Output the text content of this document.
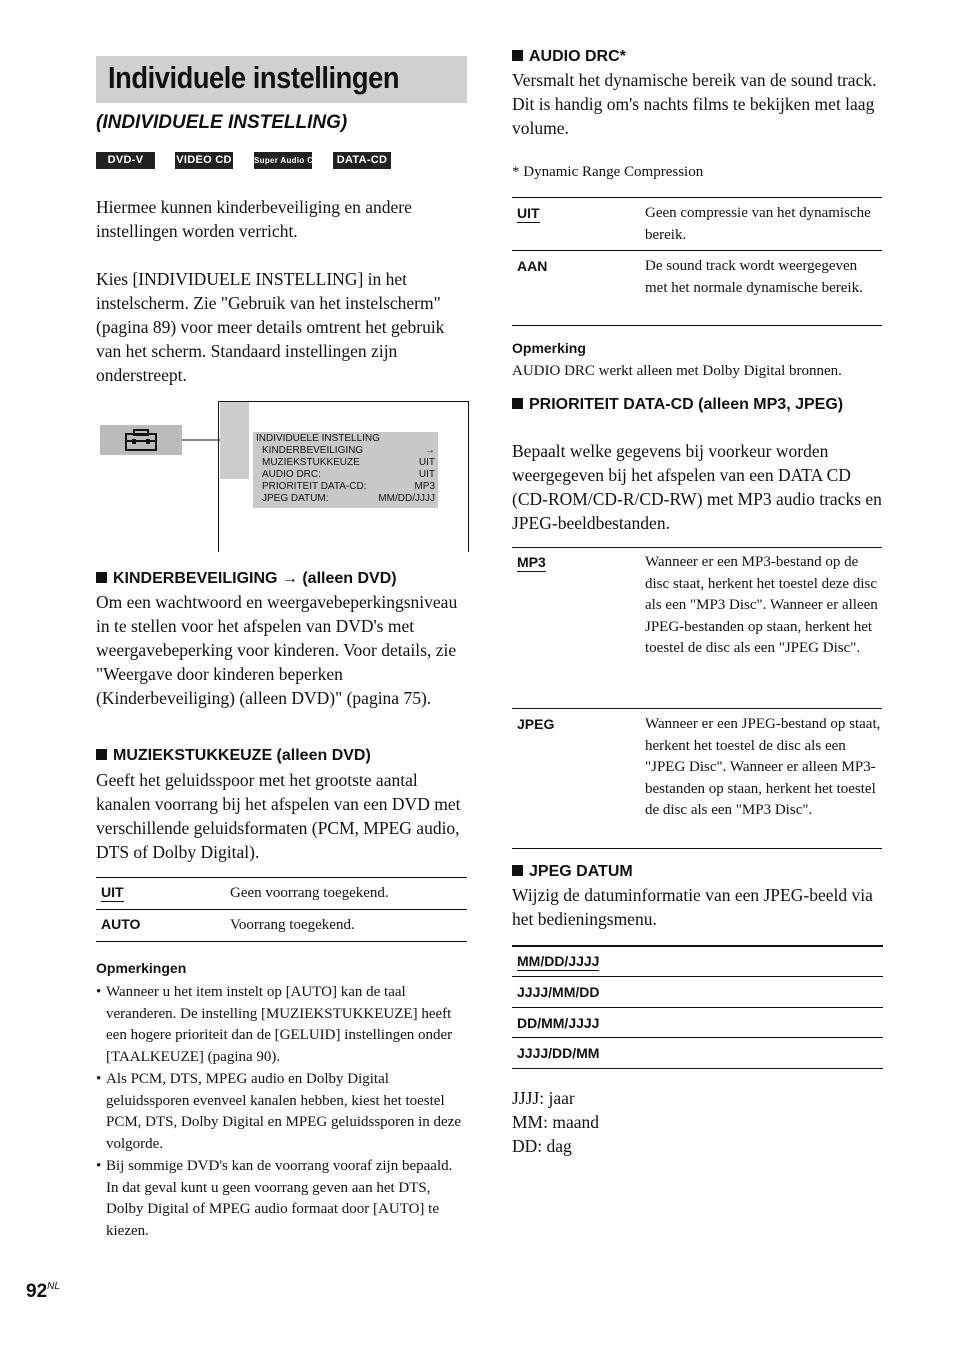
Individuele instellingen
(INDIVIDUELE INSTELLING)
DVD-V	VIDEO CD	Super Audio CD	DATA-CD
Hiermee kunnen kinderbeveiliging en andere instellingen worden verricht.
Kies [INDIVIDUELE INSTELLING] in het instelscherm. Zie "Gebruik van het instelscherm" (pagina 89) voor meer details omtrent het gebruik van het scherm. Standaard instellingen zijn onderstreept.
INDIVIDUELE INSTELLING
KINDERBEVEILIGING	→
MUZIEKSTUKKEUZE	UIT
AUDIO DRC:	UIT
PRIORITEIT DATA-CD:	MP3
JPEG DATUM:	MM/DD/JJJJ
KINDERBEVEILIGING → (alleen DVD)
Om een wachtwoord en weergavebeperkingsniveau in te stellen voor het afspelen van DVD's met weergavebeperking voor kinderen. Voor details, zie "Weergave door kinderen beperken (Kinderbeveiliging) (alleen DVD)" (pagina 75).
MUZIEKSTUKKEUZE (alleen DVD)
Geeft het geluidsspoor met het grootste aantal kanalen voorrang bij het afspelen van een DVD met verschillende geluidsformaten (PCM, MPEG audio, DTS of Dolby Digital).
UIT	Geen voorrang toegekend.
AUTO	Voorrang toegekend.
Opmerkingen
• Wanneer u het item instelt op [AUTO] kan de taal veranderen. De instelling [MUZIEKSTUKKEUZE] heeft een hogere prioriteit dan de [GELUID] instellingen onder [TAALKEUZE] (pagina 90).
• Als PCM, DTS, MPEG audio en Dolby Digital geluidssporen evenveel kanalen hebben, kiest het toestel PCM, DTS, Dolby Digital en MPEG geluidssporen in deze volgorde.
• Bij sommige DVD's kan de voorrang vooraf zijn bepaald. In dat geval kunt u geen voorrang geven aan het DTS, Dolby Digital of MPEG audio formaat door [AUTO] te kiezen.
$92^{NL}$
AUDIO DRC*
Versmalt het dynamische bereik van de sound track. Dit is handig om's nachts films te bekijken met laag volume.
* Dynamic Range Compression
UIT	Geen compressie van het dynamische bereik.
AAN	De sound track wordt weergegeven met het normale dynamische bereik.
Opmerking
AUDIO DRC werkt alleen met Dolby Digital bronnen.
PRIORITEIT DATA-CD (alleen MP3, JPEG)
Bepaalt welke gegevens bij voorkeur worden weergegeven bij het afspelen van een DATA CD (CD-ROM/CD-R/CD-RW) met MP3 audio tracks en JPEG-beeldbestanden.
MP3	Wanneer er een MP3-bestand op de disc staat, herkent het toestel deze disc als een "MP3 Disc". Wanneer er alleen JPEG-bestanden op staan, herkent het toestel de disc als een "JPEG Disc".
JPEG	Wanneer er een JPEG-bestand op staat, herkent het toestel de disc als een "JPEG Disc". Wanneer er alleen MP3-bestanden op staan, herkent het toestel de disc als een "MP3 Disc".
JPEG DATUM
Wijzig de datuminformatie van een JPEG-beeld via het bedieningsmenu.
MM/DD/JJJJ
JJJJ/MM/DD
DD/MM/JJJJ
JJJJ/DD/MM
JJJJ: jaar
MM: maand
DD: dag
